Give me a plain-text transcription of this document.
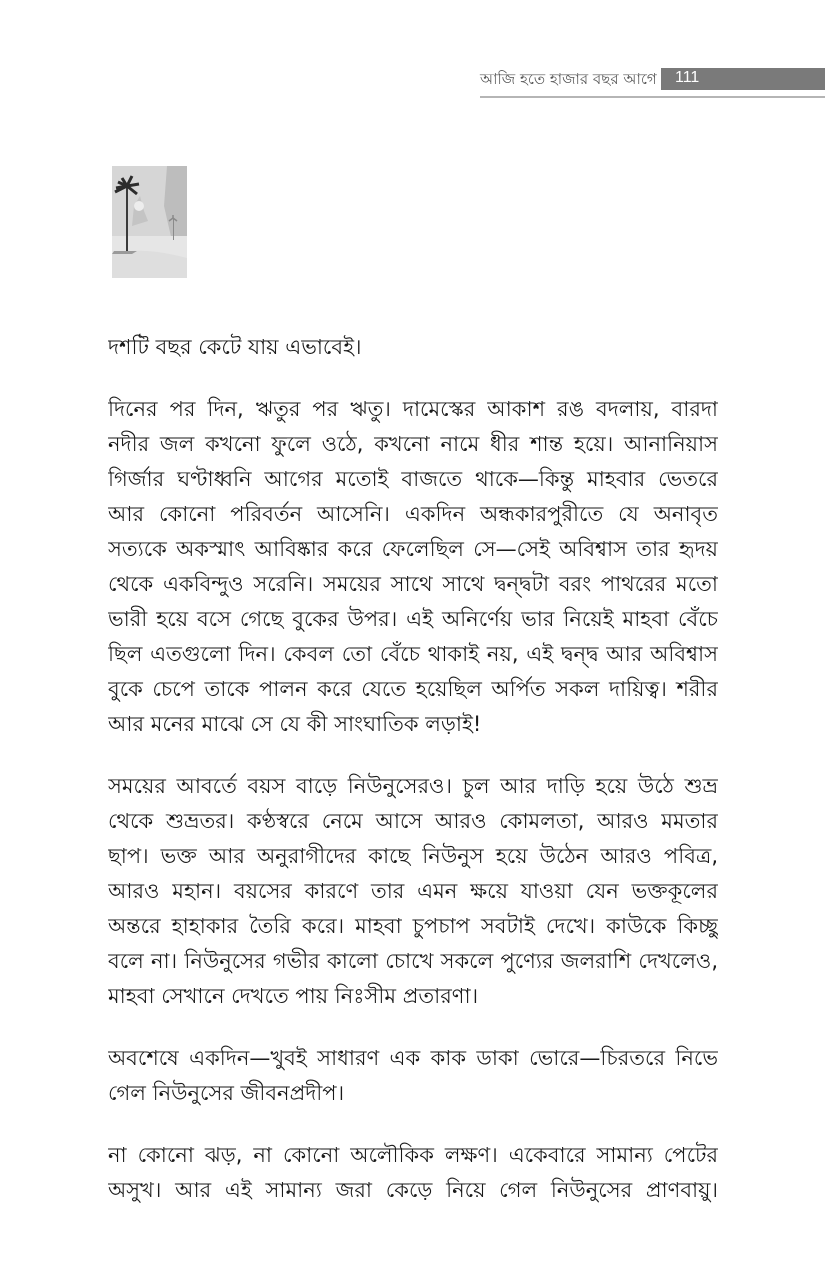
আজি হতে হাজার বছর আগে 111
দশটি বছর কেটে যায় এভাবেই।
দিনের পর দিন, ঋতুর পর ঋতু। দামেস্কের আকাশ রঙ বদলায়, বারদা
নদীর জল কখনো ফুলে ওঠে, কখনো নামে ধীর শান্ত হয়ে। আনানিয়াস
গির্জার ঘণ্টাধ্বনি আগের মতোই বাজতে থাকে—কিন্তু মাহবার ভেতরে
আর কোনো পরিবর্তন আসেনি। একদিন অন্ধকারপুরীতে যে অনাবৃত
সত্যকে অকস্মাৎ আবিষ্কার করে ফেলেছিল সে—সেই অবিশ্বাস তার হৃদয়
থেকে একবিন্দুও সরেনি। সময়ের সাথে সাথে দ্বন্দ্বটা বরং পাথরের মতো
ভারী হয়ে বসে গেছে বুকের উপর। এই অনির্ণেয় ভার নিয়েই মাহবা বেঁচে
ছিল এতগুলো দিন। কেবল তো বেঁচে থাকাই নয়, এই দ্বন্দ্ব আর অবিশ্বাস
বুকে চেপে তাকে পালন করে যেতে হয়েছিল অর্পিত সকল দায়িত্ব। শরীর
আর মনের মাঝে সে যে কী সাংঘাতিক লড়াই!
সময়ের আবর্তে বয়স বাড়ে নিউনুসেরও। চুল আর দাড়ি হয়ে উঠে শুভ্র
থেকে শুভ্রতর। কণ্ঠস্বরে নেমে আসে আরও কোমলতা, আরও মমতার
ছাপ। ভক্ত আর অনুরাগীদের কাছে নিউনুস হয়ে উঠেন আরও পবিত্র,
আরও মহান। বয়সের কারণে তার এমন ক্ষয়ে যাওয়া যেন ভক্তকূলের
অন্তরে হাহাকার তৈরি করে। মাহবা চুপচাপ সবটাই দেখে। কাউকে কিচ্ছু
বলে না। নিউনুসের গভীর কালো চোখে সকলে পুণ্যের জলরাশি দেখলেও,
মাহবা সেখানে দেখতে পায় নিঃসীম প্রতারণা।
অবশেষে একদিন—খুবই সাধারণ এক কাক ডাকা ভোরে—চিরতরে নিভে
গেল নিউনুসের জীবনপ্রদীপ।
না কোনো ঝড়, না কোনো অলৌকিক লক্ষণ। একেবারে সামান্য পেটের
অসুখ। আর এই সামান্য জরা কেড়ে নিয়ে গেল নিউনুসের প্রাণবায়ু।
